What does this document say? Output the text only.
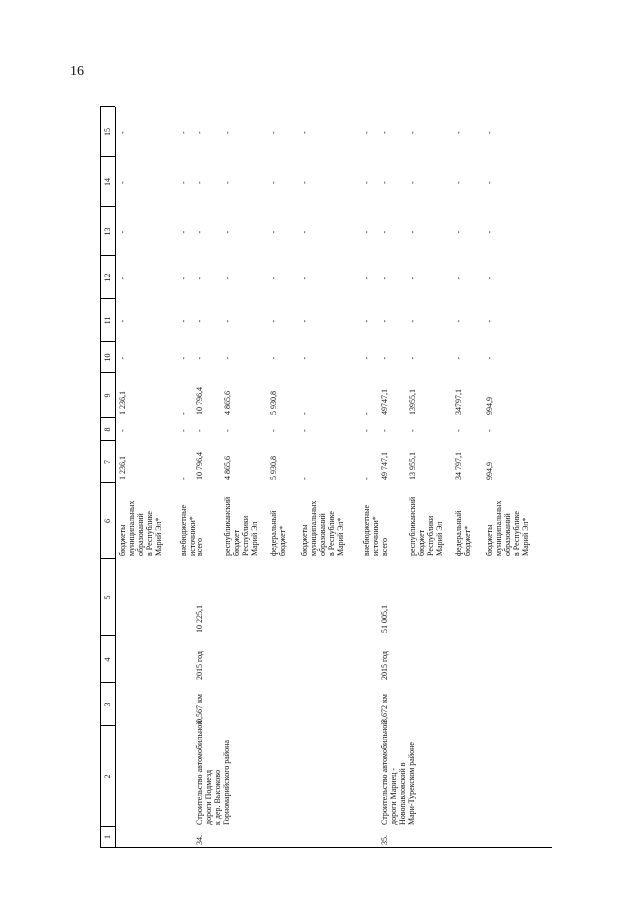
16
1
2
3
4
5
6
7
8
9
10
11
12
13
14
15
бюджеты муниципальных образований в Республике Марий Эл*
1 236,1
-
1 236,1
-
-
-
-
-
-
внебюджетные источники*
-
-
-
-
-
-
-
-
-
34.
Строительство автомобильной дороги Подмезд к дер. Высоково Горномарийского района
0,567 км
2015 год
10 225,1
всего
10 796,4
-
10 796,4
-
-
-
-
-
-
республиканский бюджет Республики Марий Эл
4 865,6
-
4 865,6
-
-
-
-
-
-
федеральный бюджет*
5 930,8
-
5 930,8
-
-
-
-
-
-
бюджеты муниципальных образований в Республике Марий Эл*
-
-
-
-
-
-
-
-
-
внебюджетные источники*
-
-
-
-
-
-
-
-
-
35.
Строительство автомобильной дороги Мариец - Новопавловский в Мари-Турекском районе
3,672 км
2015 год
51 005,1
всего
49 747,1
-
49747,1
-
-
-
-
-
-
республиканский бюджет Республики Марий Эл
13 955,1
-
13955,1
-
-
-
-
-
-
федеральный бюджет*
34 797,1
-
34797,1
-
-
-
-
-
-
бюджеты муниципальных образований в Республике Марий Эл*
994,9
-
994,9
-
-
-
-
-
-
